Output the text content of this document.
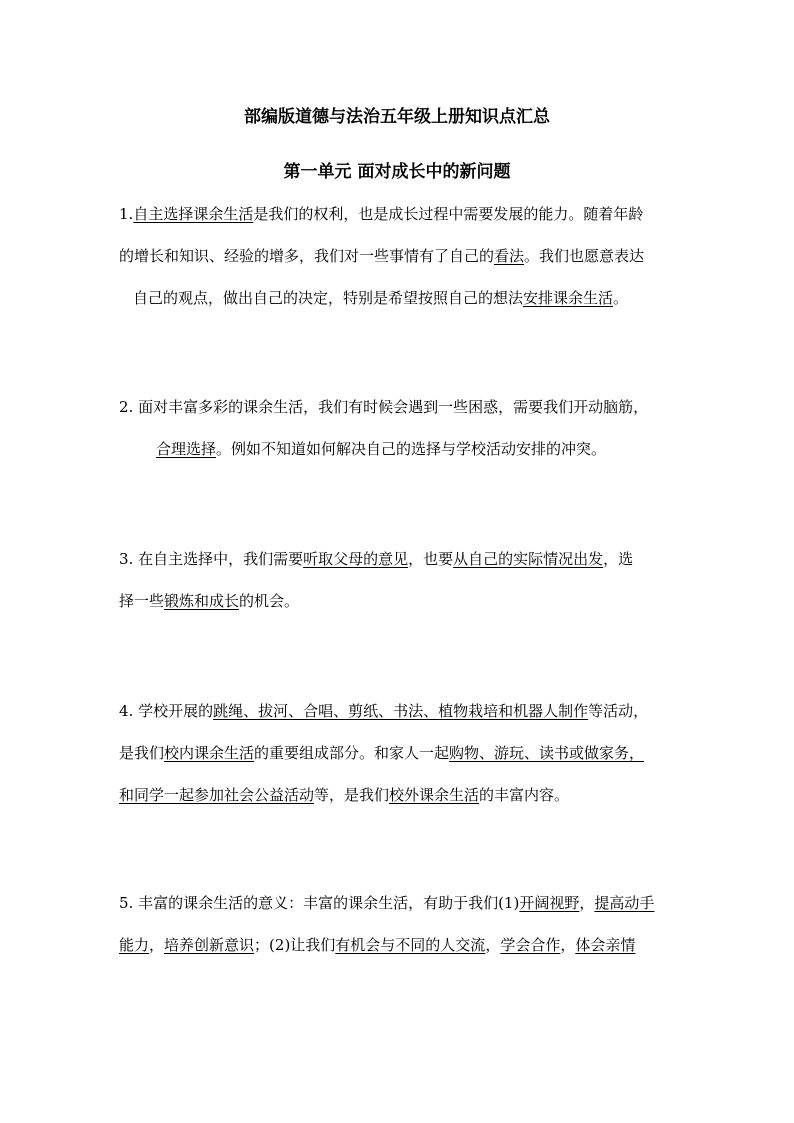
部编版道德与法治五年级上册知识点汇总
第一单元 面对成长中的新问题
1.自主选择课余生活是我们的权利，也是成长过程中需要发展的能力。随着年龄
的增长和知识、经验的增多，我们对一些事情有了自己的看法。我们也愿意表达
自己的观点，做出自己的决定，特别是希望按照自己的想法安排课余生活。
2. 面对丰富多彩的课余生活，我们有时候会遇到一些困惑，需要我们开动脑筋，
合理选择。例如不知道如何解决自己的选择与学校活动安排的冲突。
3. 在自主选择中，我们需要听取父母的意见，也要从自己的实际情况出发，选
择一些锻炼和成长的机会。
4. 学校开展的跳绳、拔河、合唱、剪纸、书法、植物栽培和机器人制作等活动，
是我们校内课余生活的重要组成部分。和家人一起购物、游玩、读书或做家务，
和同学一起参加社会公益活动等，是我们校外课余生活的丰富内容。
5. 丰富的课余生活的意义：丰富的课余生活，有助于我们(1)开阔视野，提高动手
能力，培养创新意识；(2)让我们有机会与不同的人交流，学会合作，体会亲情
